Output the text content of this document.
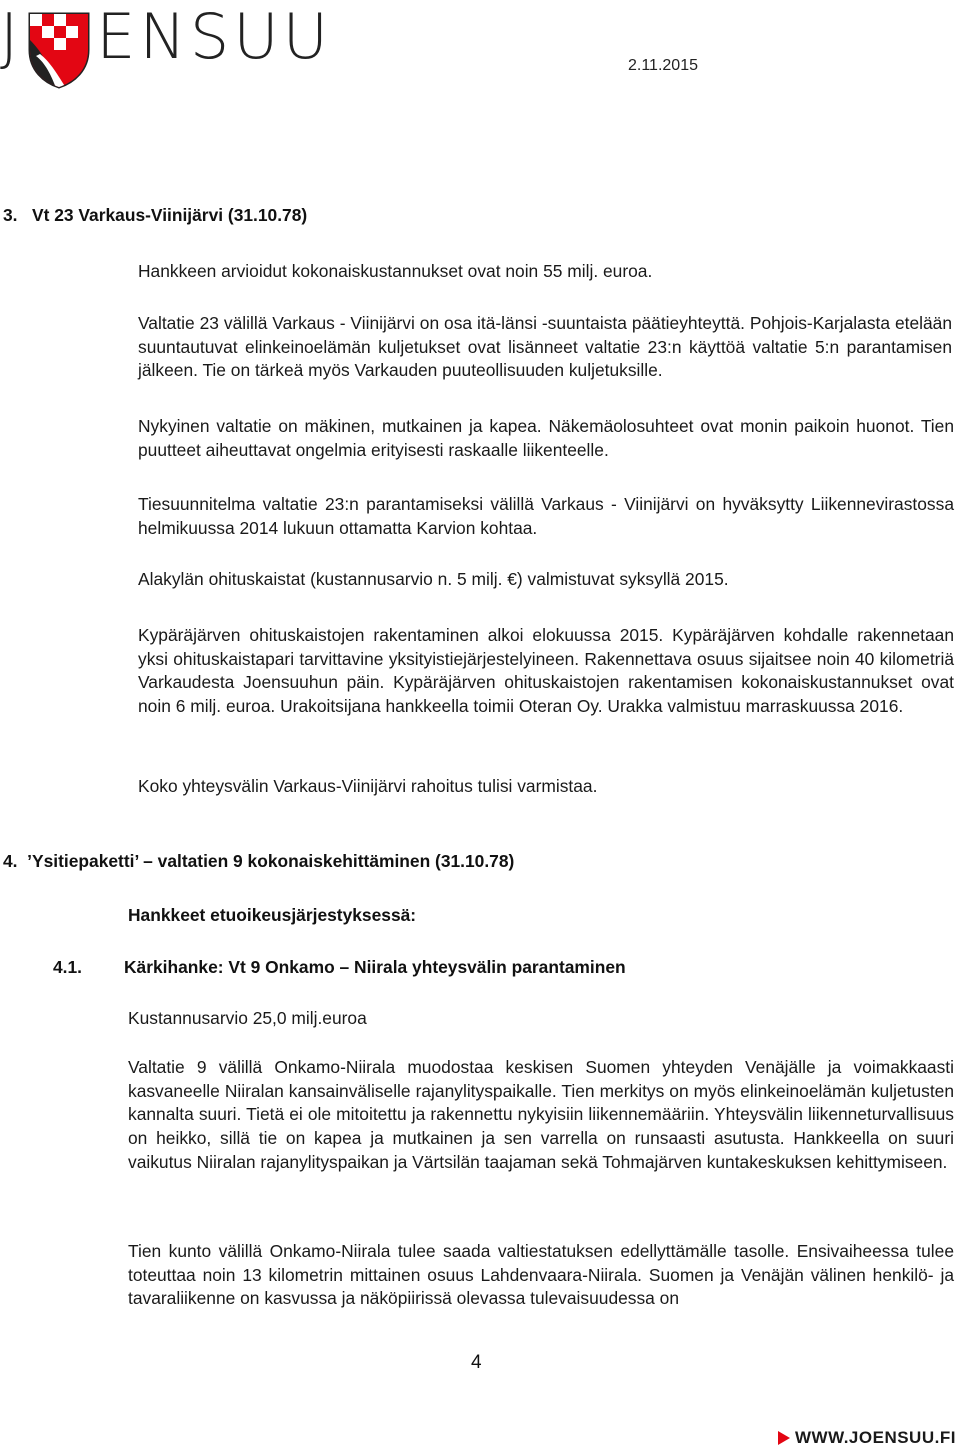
J ENSUU	2.11.2015
3.   Vt 23 Varkaus-Viinijärvi (31.10.78)
Hankkeen arvioidut kokonaiskustannukset ovat noin 55 milj. euroa.
Valtatie 23 välillä Varkaus - Viinijärvi on osa itä-länsi -suuntaista päätieyhteyttä. Pohjois-Karjalasta etelään suuntautuvat elinkeinoelämän kuljetukset ovat lisänneet valtatie 23:n käyttöä valtatie 5:n parantamisen jälkeen. Tie on tärkeä myös Varkauden puuteollisuuden kuljetuksille.
Nykyinen valtatie on mäkinen, mutkainen ja kapea. Näkemäolosuhteet ovat monin paikoin huonot. Tien puutteet aiheuttavat ongelmia erityisesti raskaalle liikenteelle.
Tiesuunnitelma valtatie 23:n parantamiseksi välillä Varkaus - Viinijärvi on hyväksytty Liikennevirastossa helmikuussa 2014 lukuun ottamatta Karvion kohtaa.
Alakylän ohituskaistat (kustannusarvio n. 5 milj. €) valmistuvat syksyllä 2015.
Kypäräjärven ohituskaistojen rakentaminen alkoi elokuussa 2015. Kypäräjärven kohdalle rakennetaan yksi ohituskaistapari tarvittavine yksityistiejärjestelyineen. Rakennettava osuus sijaitsee noin 40 kilometriä Varkaudesta Joensuuhun päin. Kypäräjärven ohituskaistojen rakentamisen kokonaiskustannukset ovat noin 6 milj. euroa. Urakoitsijana hankkeella toimii Oteran Oy. Urakka valmistuu marraskuussa 2016.
Koko yhteysvälin Varkaus-Viinijärvi rahoitus tulisi varmistaa.
4.  ’Ysitiepaketti’ – valtatien 9 kokonaiskehittäminen (31.10.78)
Hankkeet etuoikeusjärjestyksessä:
4.1. Kärkihanke: Vt 9 Onkamo – Niirala yhteysvälin parantaminen
Kustannusarvio 25,0 milj.euroa
Valtatie 9 välillä Onkamo-Niirala muodostaa keskisen Suomen yhteyden Venäjälle ja voimakkaasti kasvaneelle Niiralan kansainväliselle rajanylityspaikalle. Tien merkitys on myös elinkeinoelämän kuljetusten kannalta suuri. Tietä ei ole mitoitettu ja rakennettu nykyisiin liikennemääriin. Yhteysvälin liikenneturvallisuus on heikko, sillä tie on kapea ja mutkainen ja sen varrella on runsaasti asutusta. Hankkeella on suuri vaikutus Niiralan rajanylityspaikan ja Värtsilän taajaman sekä Tohmajärven kuntakeskuksen kehittymiseen.
Tien kunto välillä Onkamo-Niirala tulee saada valtiestatuksen edellyttämälle tasolle. Ensivaiheessa tulee toteuttaa noin 13 kilometrin mittainen osuus Lahdenvaara-Niirala. Suomen ja Venäjän välinen henkilö- ja tavaraliikenne on kasvussa ja näköpiirissä olevassa tulevaisuudessa on
4
WWW.JOENSUU.FI
